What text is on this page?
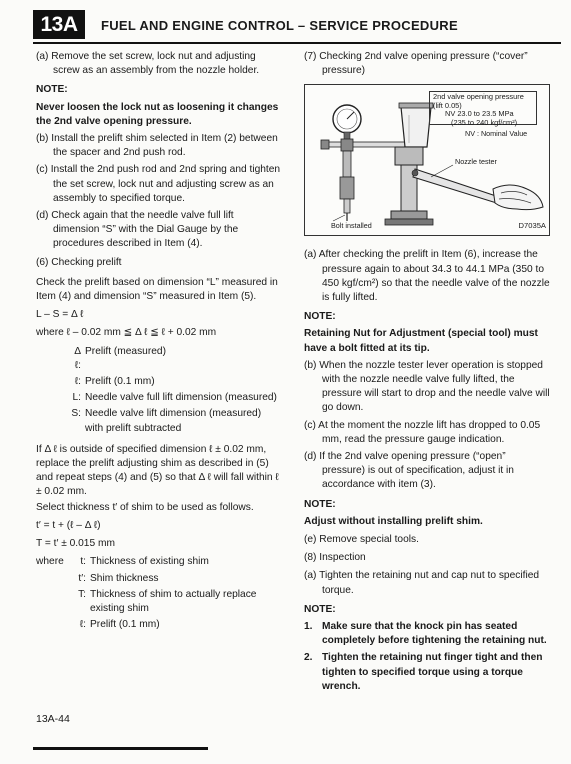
13A	FUEL AND ENGINE CONTROL – SERVICE PROCEDURE

(a) Remove the set screw, lock nut and adjusting screw as an assembly from the nozzle holder.

NOTE:

Never loosen the lock nut as loosening it changes the 2nd valve opening pressure.

(b) Install the prelift shim selected in Item (2) between the spacer and 2nd push rod.

(c) Install the 2nd push rod and 2nd spring and tighten the set screw, lock nut and adjusting screw as an assembly to specified torque.

(d) Check again that the needle valve full lift dimension “S” with the Dial Gauge by the procedures described in Item (4).

(6) Checking prelift

Check the prelift based on dimension “L” measured in Item (4) and dimension “S” measured in Item (5).

L – S = Δ ℓ

where ℓ – 0.02 mm ≦ Δ ℓ ≦ ℓ + 0.02 mm

Δ ℓ:
Prelift (measured)
ℓ: Prelift (0.1 mm)
L: Needle valve full lift dimension (measured)
S: Needle valve lift dimension (measured) with prelift subtracted

If Δ ℓ is outside of specified dimension ℓ ± 0.02 mm, replace the prelift adjusting shim as described in (5) and repeat steps (4) and (5) so that Δ ℓ will fall within ℓ ± 0.02 mm.

Select thickness t′ of shim to be used as follows.

t′ = t + (ℓ – Δ ℓ)

T = t′ ± 0.015 mm

where	t: Thickness of existing shim
t′: Shim thickness
T: Thickness of shim to actually replace existing shim
ℓ: Prelift (0.1 mm)

(7) Checking 2nd valve opening pressure (“cover” pressure)

2nd valve opening pressure
(lift 0.05)
NV 23.0 to 23.5 MPa
(235 to 240 kgf/cm²)
NV : Nominal Value
Nozzle tester
Bolt installed	D7035A

(a) After checking the prelift in Item (6), increase the pressure again to about 34.3 to 44.1 MPa (350 to 450 kgf/cm²) so that the needle valve of the nozzle is fully lifted.

NOTE:

Retaining Nut for Adjustment (special tool) must have a bolt fitted at its tip.

(b) When the nozzle tester lever operation is stopped with the nozzle needle valve fully lifted, the pressure will start to drop and the needle valve will go down.

(c) At the moment the nozzle lift has dropped to 0.05 mm, read the pressure gauge indication.

(d) If the 2nd valve opening pressure (“open” pressure) is out of specification, adjust it in accordance with item (3).

NOTE:

Adjust without installing prelift shim.

(e) Remove special tools.

(8) Inspection

(a) Tighten the retaining nut and cap nut to specified torque.

NOTE:

1. Make sure that the knock pin has seated completely before tightening the retaining nut.
2. Tighten the retaining nut finger tight and then tighten to specified torque using a torque wrench.
13A-44
